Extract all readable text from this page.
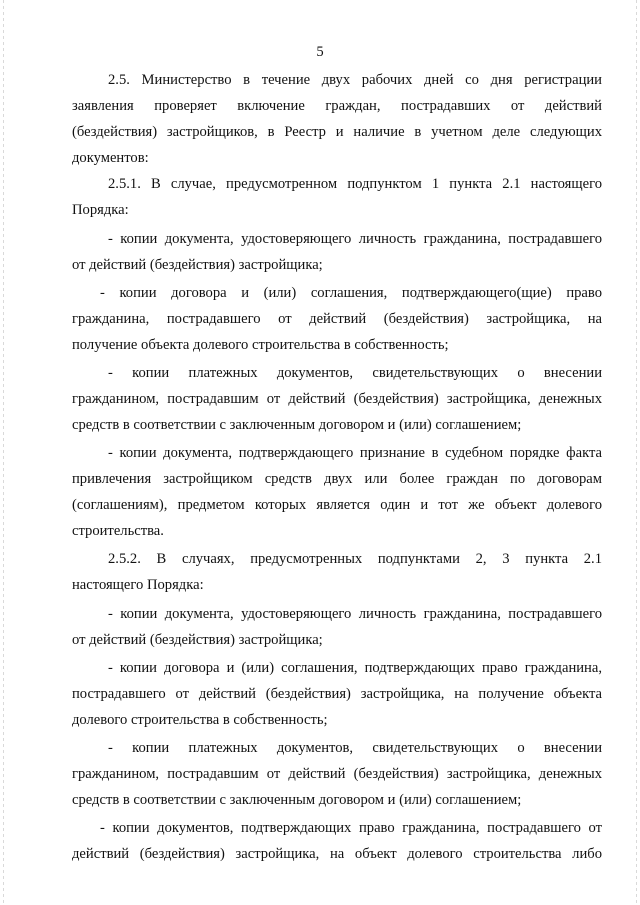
5
2.5. Министерство в течение двух рабочих дней со дня регистрации
заявления проверяет включение граждан, пострадавших от действий
(бездействия) застройщиков, в Реестр и наличие в учетном деле следующих
документов:
2.5.1. В случае, предусмотренном подпунктом 1 пункта 2.1 настоящего
Порядка:
- копии документа, удостоверяющего личность гражданина, пострадавшего
от действий (бездействия) застройщика;
- копии договора и (или) соглашения, подтверждающего(щие) право
гражданина, пострадавшего от действий (бездействия) застройщика, на
получение объекта долевого строительства в собственность;
- копии платежных документов, свидетельствующих о внесении
гражданином, пострадавшим от действий (бездействия) застройщика, денежных
средств в соответствии с заключенным договором и (или) соглашением;
- копии документа, подтверждающего признание в судебном порядке факта
привлечения застройщиком средств двух или более граждан по договорам
(соглашениям), предметом которых является один и тот же объект долевого
строительства.
2.5.2. В случаях, предусмотренных подпунктами 2, 3 пункта 2.1
настоящего Порядка:
- копии документа, удостоверяющего личность гражданина, пострадавшего
от действий (бездействия) застройщика;
- копии договора и (или) соглашения, подтверждающих право гражданина,
пострадавшего от действий (бездействия) застройщика, на получение объекта
долевого строительства в собственность;
- копии платежных документов, свидетельствующих о внесении
гражданином, пострадавшим от действий (бездействия) застройщика, денежных
средств в соответствии с заключенным договором и (или) соглашением;
- копии документов, подтверждающих право гражданина, пострадавшего от
действий (бездействия) застройщика, на объект долевого строительства либо
